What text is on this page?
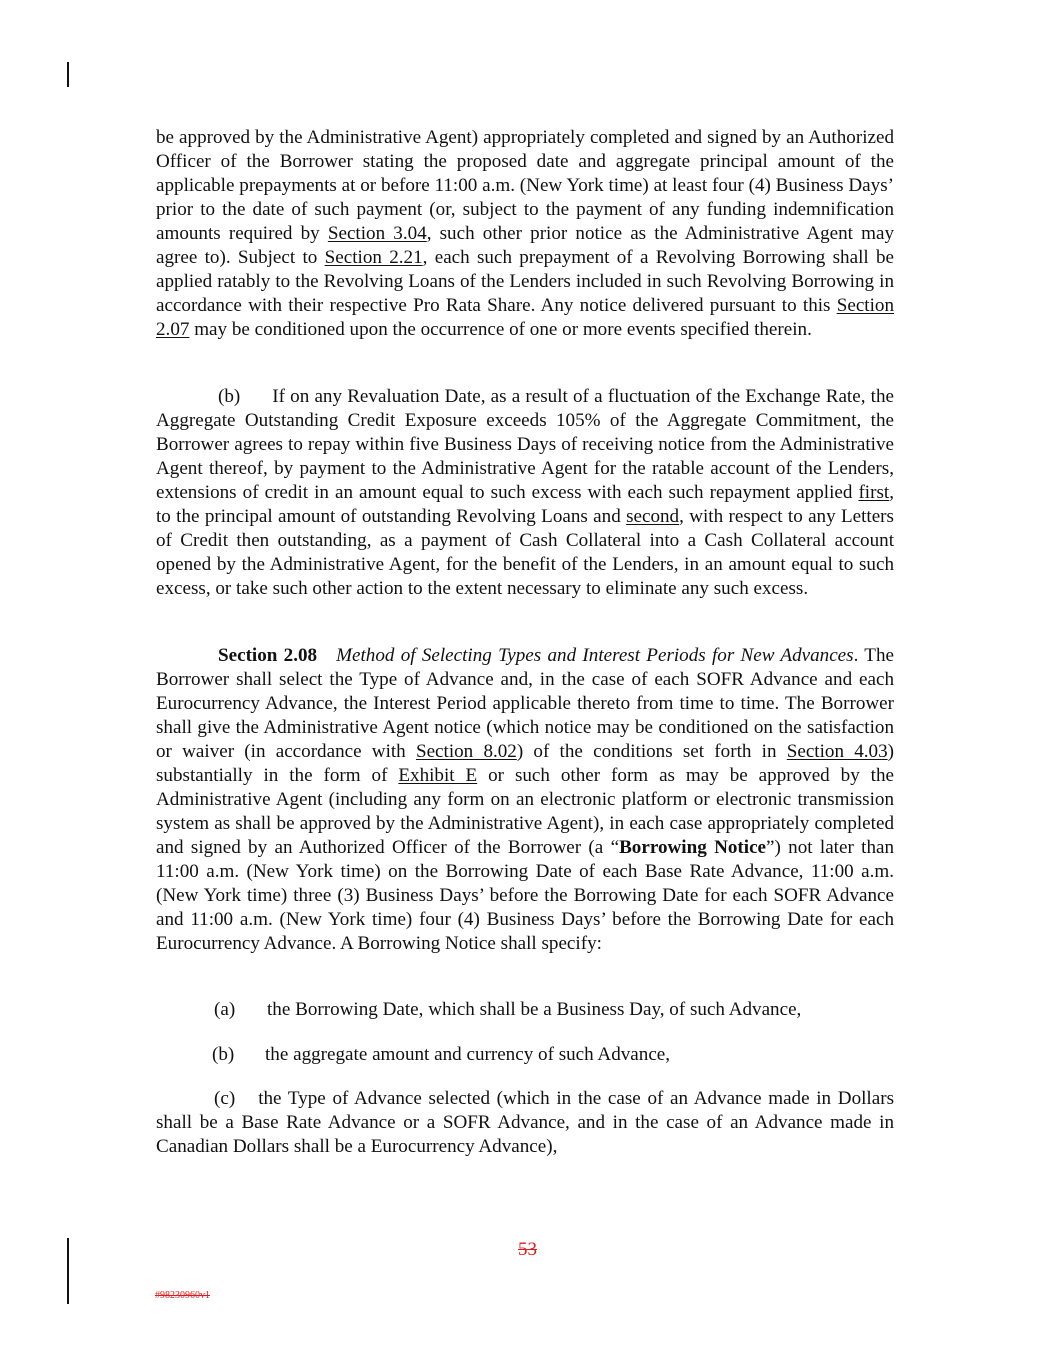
be approved by the Administrative Agent) appropriately completed and signed by an Authorized Officer of the Borrower stating the proposed date and aggregate principal amount of the applicable prepayments at or before 11:00 a.m. (New York time) at least four (4) Business Days’ prior to the date of such payment (or, subject to the payment of any funding indemnification amounts required by Section 3.04, such other prior notice as the Administrative Agent may agree to). Subject to Section 2.21, each such prepayment of a Revolving Borrowing shall be applied ratably to the Revolving Loans of the Lenders included in such Revolving Borrowing in accordance with their respective Pro Rata Share. Any notice delivered pursuant to this Section 2.07 may be conditioned upon the occurrence of one or more events specified therein.
(b) If on any Revaluation Date, as a result of a fluctuation of the Exchange Rate, the Aggregate Outstanding Credit Exposure exceeds 105% of the Aggregate Commitment, the Borrower agrees to repay within five Business Days of receiving notice from the Administrative Agent thereof, by payment to the Administrative Agent for the ratable account of the Lenders, extensions of credit in an amount equal to such excess with each such repayment applied first, to the principal amount of outstanding Revolving Loans and second, with respect to any Letters of Credit then outstanding, as a payment of Cash Collateral into a Cash Collateral account opened by the Administrative Agent, for the benefit of the Lenders, in an amount equal to such excess, or take such other action to the extent necessary to eliminate any such excess.
Section 2.08 Method of Selecting Types and Interest Periods for New Advances. The Borrower shall select the Type of Advance and, in the case of each SOFR Advance and each Eurocurrency Advance, the Interest Period applicable thereto from time to time. The Borrower shall give the Administrative Agent notice (which notice may be conditioned on the satisfaction or waiver (in accordance with Section 8.02) of the conditions set forth in Section 4.03) substantially in the form of Exhibit E or such other form as may be approved by the Administrative Agent (including any form on an electronic platform or electronic transmission system as shall be approved by the Administrative Agent), in each case appropriately completed and signed by an Authorized Officer of the Borrower (a “Borrowing Notice”) not later than 11:00 a.m. (New York time) on the Borrowing Date of each Base Rate Advance, 11:00 a.m. (New York time) three (3) Business Days’ before the Borrowing Date for each SOFR Advance and 11:00 a.m. (New York time) four (4) Business Days’ before the Borrowing Date for each Eurocurrency Advance. A Borrowing Notice shall specify:
(a) the Borrowing Date, which shall be a Business Day, of such Advance,
(b) the aggregate amount and currency of such Advance,
(c) the Type of Advance selected (which in the case of an Advance made in Dollars shall be a Base Rate Advance or a SOFR Advance, and in the case of an Advance made in Canadian Dollars shall be a Eurocurrency Advance),
53
#98230960v1
